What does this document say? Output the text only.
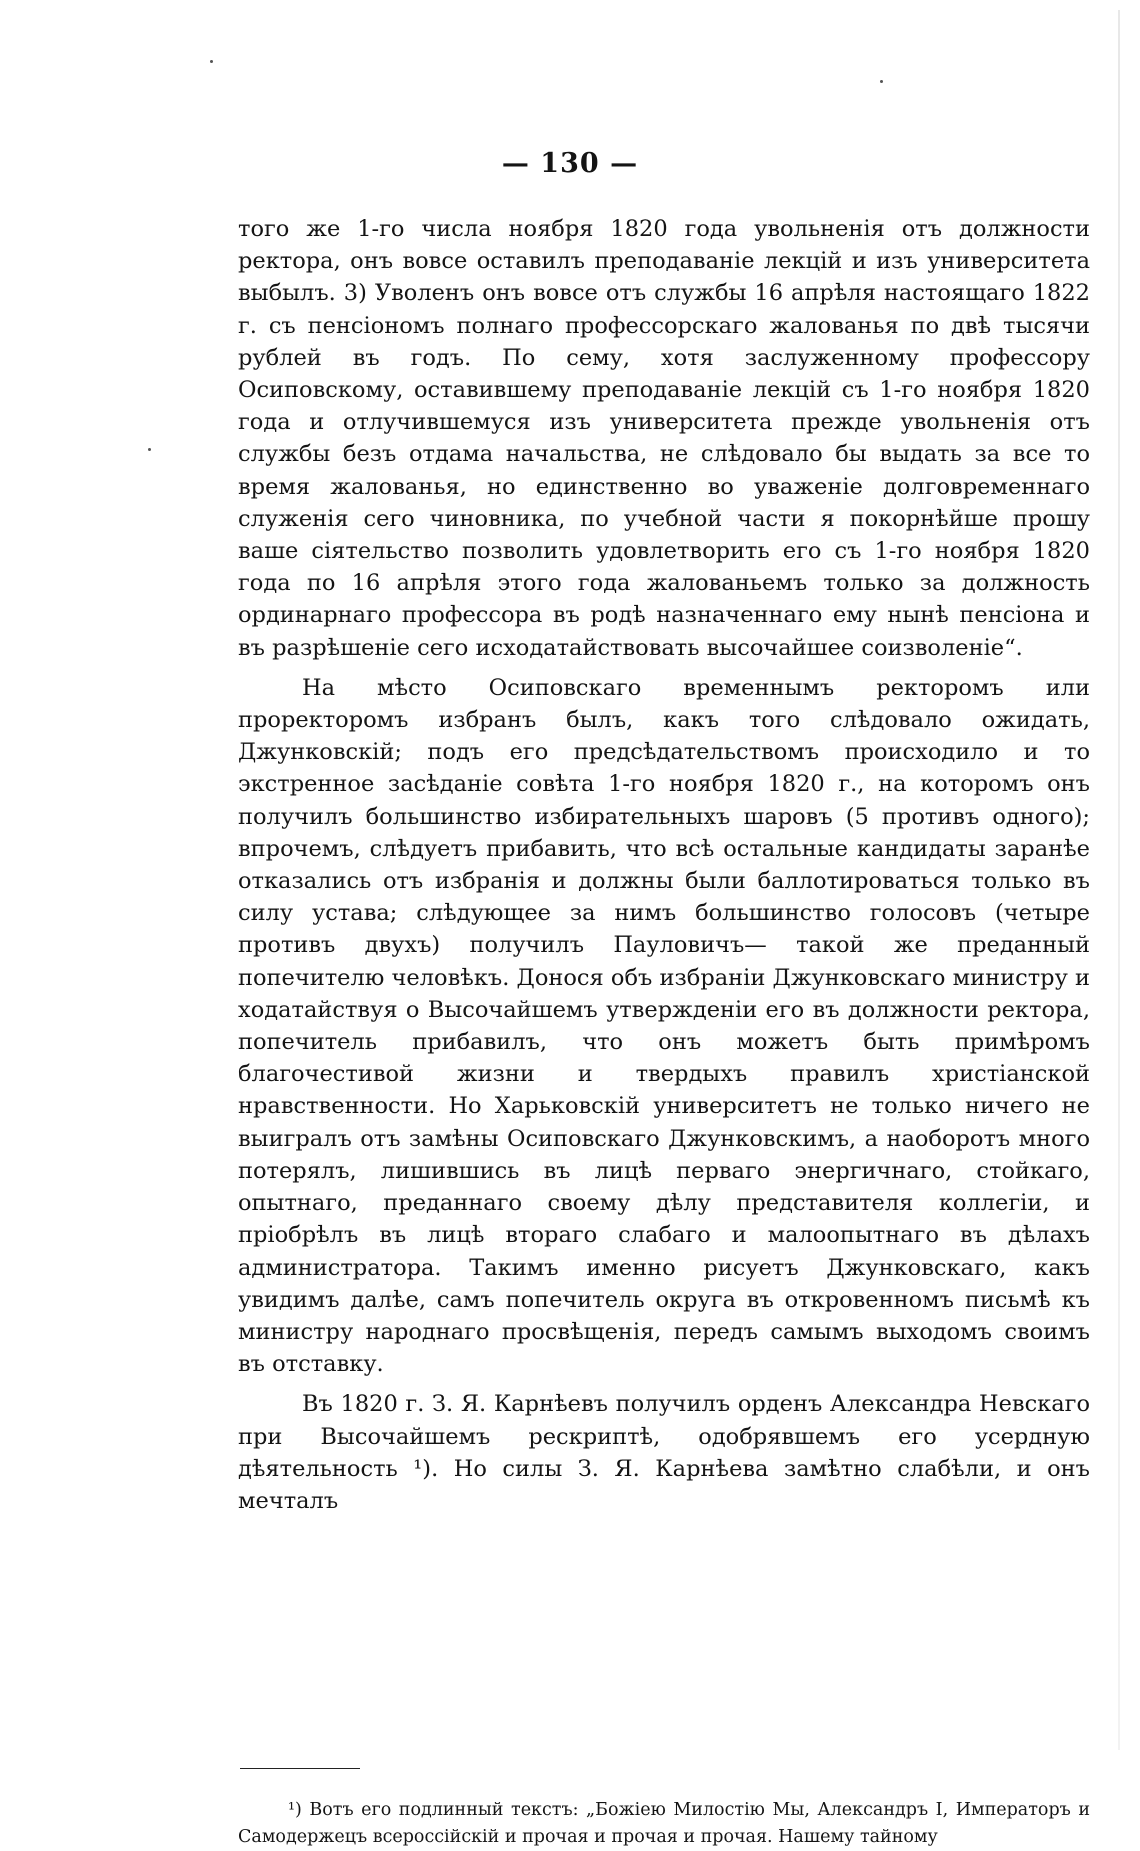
— 130 —

того же 1-го числа ноября 1820 года увольненія отъ должности ректора, онъ вовсе оставилъ преподаваніе лекцій и изъ университета выбылъ. 3) Уволенъ онъ вовсе отъ службы 16 апрѣля настоящаго 1822 г. съ пенсіономъ полнаго профессорскаго жалованья по двѣ тысячи рублей въ годъ. По сему, хотя заслуженному профессору Осиповскому, оставившему преподаваніе лекцій съ 1-го ноября 1820 года и отлучившемуся изъ университета прежде увольненія отъ службы безъ отдама начальства, не слѣдовало бы выдать за все то время жалованья, но единственно во уваженіе долговременнаго служенія сего чиновника, по учебной части я покорнѣйше прошу ваше сіятельство позволить удовлетворить его съ 1-го ноября 1820 года по 16 апрѣля этого года жалованьемъ только за должность ординарнаго профессора въ родѣ назначеннаго ему нынѣ пенсіона и въ разрѣшеніе сего исходатайствовать высочайшее соизволеніе“.

На мѣсто Осиповскаго временнымъ ректоромъ или проректоромъ избранъ былъ, какъ того слѣдовало ожидать, Джунковскій; подъ его предсѣдательствомъ происходило и то экстренное засѣданіе совѣта 1-го ноября 1820 г., на которомъ онъ получилъ большинство избирательныхъ шаровъ (5 противъ одного); впрочемъ, слѣдуетъ прибавить, что всѣ остальные кандидаты заранѣе отказались отъ избранія и должны были баллотироваться только въ силу устава; слѣдующее за нимъ большинство голосовъ (четыре противъ двухъ) получилъ Пауловичъ— такой же преданный попечителю человѣкъ. Донося объ избраніи Джунковскаго министру и ходатайствуя о Высочайшемъ утвержденіи его въ должности ректора, попечитель прибавилъ, что онъ можетъ быть примѣромъ благочестивой жизни и твердыхъ правилъ христіанской нравственности. Но Харьковскій университетъ не только ничего не выигралъ отъ замѣны Осиповскаго Джунковскимъ, а наоборотъ много потерялъ, лишившись въ лицѣ перваго энергичнаго, стойкаго, опытнаго, преданнаго своему дѣлу представителя коллегіи, и пріобрѣлъ въ лицѣ втораго слабаго и малоопытнаго въ дѣлахъ администратора. Такимъ именно рисуетъ Джунковскаго, какъ увидимъ далѣе, самъ попечитель округа въ откровенномъ письмѣ къ министру народнаго просвѣщенія, передъ самымъ выходомъ своимъ въ отставку.

Въ 1820 г. З. Я. Карнѣевъ получилъ орденъ Александра Невскаго при Высочайшемъ рескриптѣ, одобрявшемъ его усердную дѣятельность ¹). Но силы З. Я. Карнѣева замѣтно слабѣли, и онъ мечталъ

¹) Вотъ его подлинный текстъ: „Божіею Милостію Мы, Александръ I, Императоръ и Самодержецъ всероссійскій и прочая и прочая и прочая. Нашему тайному
